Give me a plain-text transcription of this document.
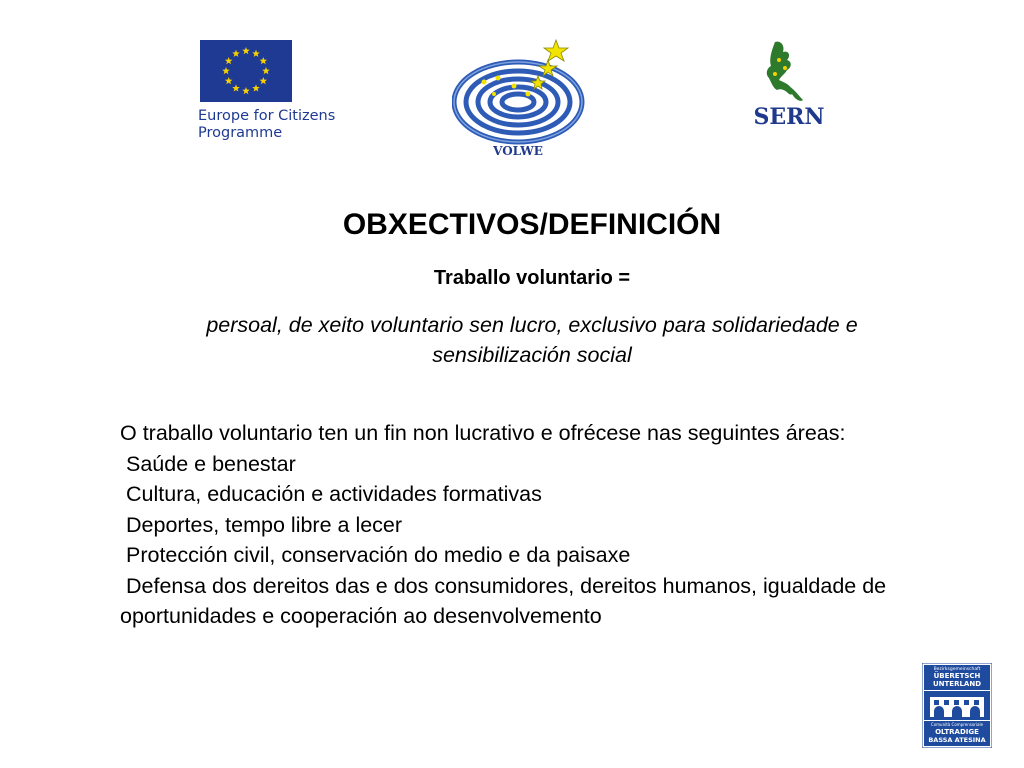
Europe for Citizens
Programme
VOLWE
SERN
OBXECTIVOS/DEFINICIÓN
Traballo voluntario =
persoal, de xeito voluntario sen lucro, exclusivo para solidariedade e sensibilización social

O traballo voluntario ten un fin non lucrativo e ofrécese nas seguintes áreas:

Saúde e benestar
Cultura, educación e actividades formativas
Deportes, tempo libre a lecer
Protección civil, conservación do medio e da paisaxe
Defensa dos dereitos das e dos consumidores, dereitos humanos, igualdade de oportunidades e cooperación ao desenvolvemento
Bezirksgemeinschaft
ÜBERETSCH
UNTERLAND
Comunità Comprensoriale
OLTRADIGE
BASSA ATESINA
